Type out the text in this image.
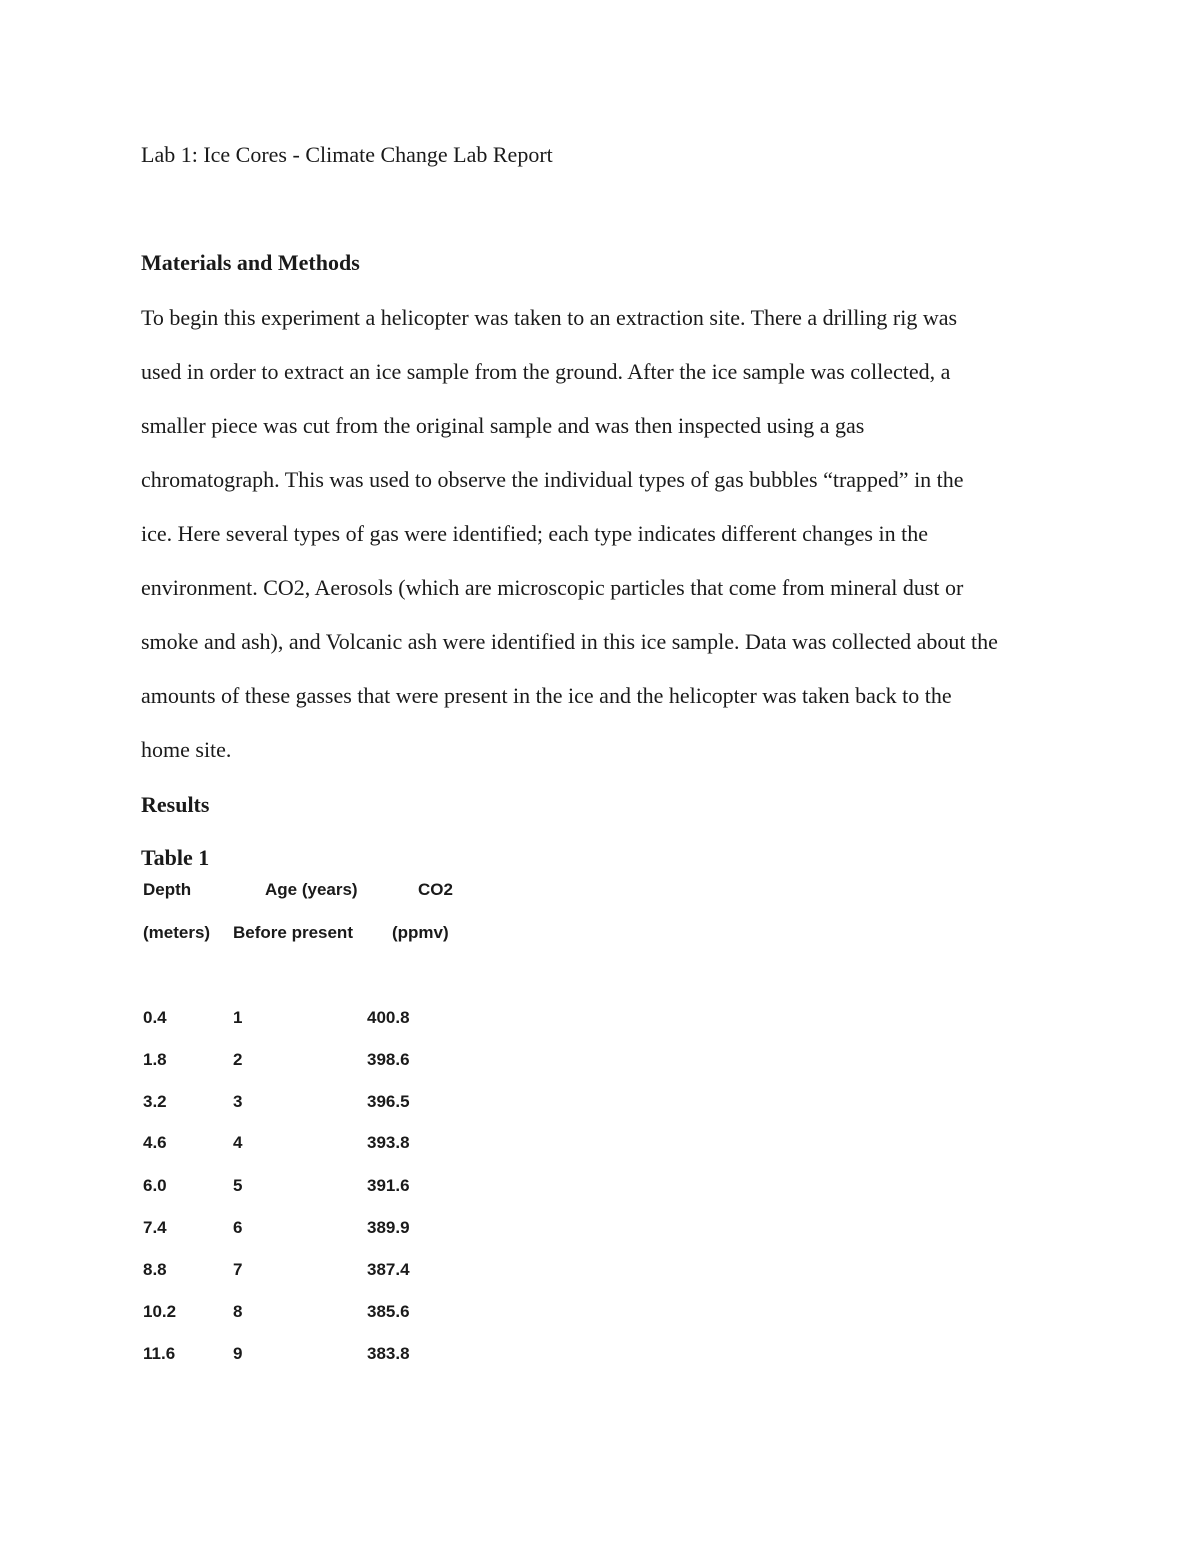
Lab 1: Ice Cores - Climate Change Lab Report
Materials and Methods

To begin this experiment a helicopter was taken to an extraction site. There a drilling rig was

used in order to extract an ice sample from the ground. After the ice sample was collected, a

smaller piece was cut from the original sample and was then inspected using a gas

chromatograph. This was used to observe the individual types of gas bubbles “trapped” in the

ice. Here several types of gas were identified; each type indicates different changes in the

environment. CO2, Aerosols (which are microscopic particles that come from mineral dust or

smoke and ash), and Volcanic ash were identified in this ice sample. Data was collected about the

amounts of these gasses that were present in the ice and the helicopter was taken back to the

home site.

Results
Table 1
Depth	Age (years)	CO2
(meters) Before present (ppmv)
0.4	1	400.8
1.8	2	398.6
3.2	3	396.5
4.6	4	393.8
6.0	5	391.6
7.4	6	389.9
8.8	7	387.4
10.2	8	385.6
11.6	9	383.8
